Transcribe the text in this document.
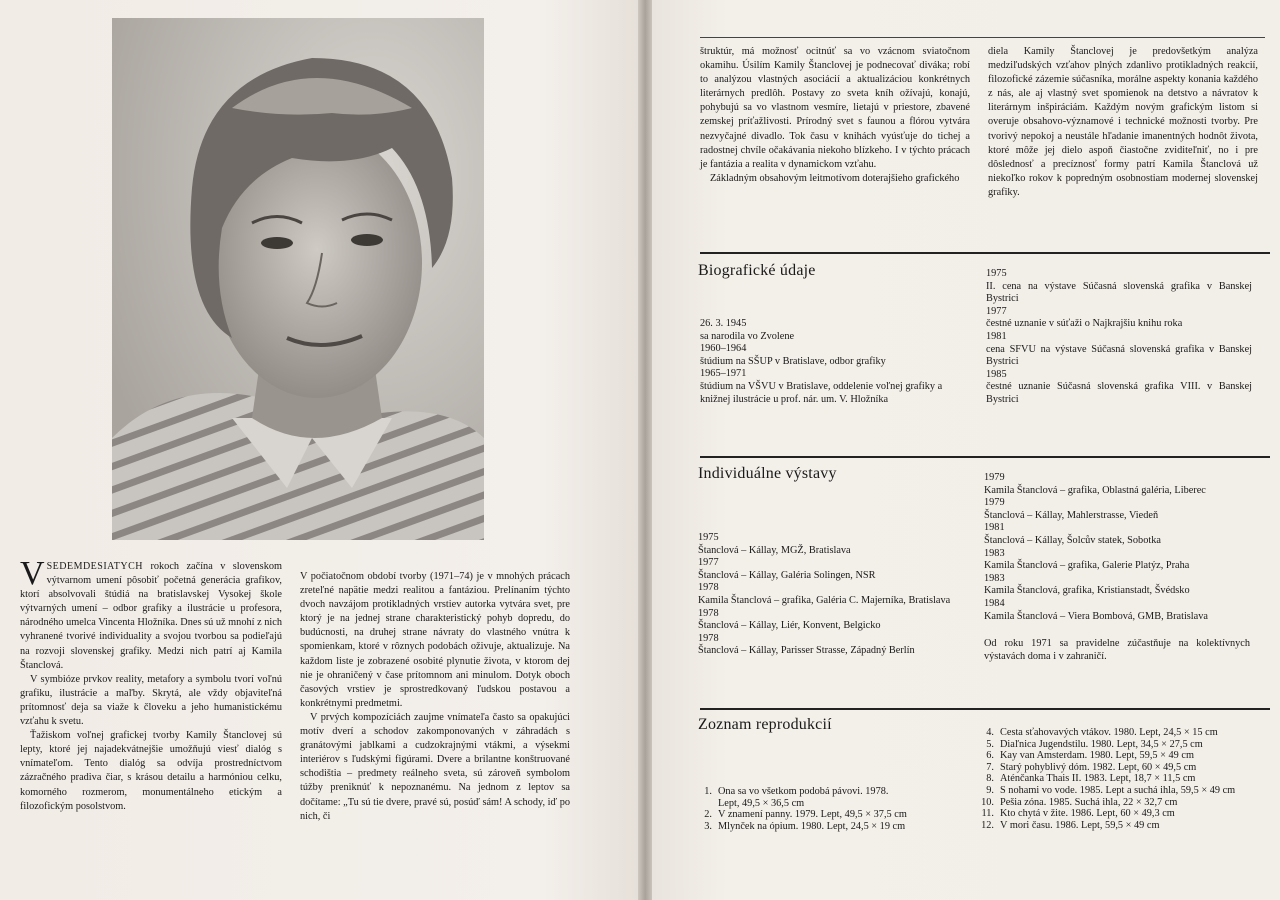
VSEDEMDESIATYCH rokoch začína v slovenskom výtvarnom umení pôsobiť početná generácia grafikov, ktorí absolvovali štúdiá na bratislavskej Vysokej škole výtvarných umení – odbor grafiky a ilustrácie u profesora, národného umelca Vincenta Hložníka. Dnes sú už mnohí z nich vyhranené tvorivé individuality a svojou tvorbou sa podieľajú na rozvoji slovenskej grafiky. Medzi nich patrí aj Kamila Štanclová.

V symbióze prvkov reality, metafory a symbolu tvorí voľnú grafiku, ilustrácie a maľby. Skrytá, ale vždy objaviteľná prítomnosť deja sa viaže k človeku a jeho humanistickému vzťahu k svetu.

Ťažiskom voľnej grafickej tvorby Kamily Štanclovej sú lepty, ktoré jej najadekvátnejšie umožňujú viesť dialóg s vnímateľom. Tento dialóg sa odvíja prostredníctvom zázračného pradiva čiar, s krásou detailu a harmóniou celku, komorného rozmerom, monumentálneho etickým a filozofickým posolstvom.

V počiatočnom období tvorby (1971–74) je v mnohých prácach zreteľné napätie medzi realitou a fantáziou. Prelínaním týchto dvoch navzájom protikladných vrstiev autorka vytvára svet, pre ktorý je na jednej strane charakteristický pohyb dopredu, do budúcnosti, na druhej strane návraty do vlastného vnútra k spomienkam, ktoré v rôznych podobách oživuje, aktualizuje. Na každom liste je zobrazené osobité plynutie života, v ktorom dej nie je ohraničený v čase prítomnom ani minulom. Dotyk oboch časových vrstiev je sprostredkovaný ľudskou postavou a konkrétnymi predmetmi.

V prvých kompozíciách zaujme vnímateľa často sa opakujúci motív dverí a schodov zakomponovaných v záhradách s granátovými jablkami a cudzokrajnými vtákmi, a výsekmi interiérov s ľudskými figúrami. Dvere a brilantne konštruované schodištia – predmety reálneho sveta, sú zároveň symbolom túžby preniknúť k nepoznanému. Na jednom z leptov sa dočítame: „Tu sú tie dvere, pravé sú, posúď sám! A schody, iď po nich, či

štruktúr, má možnosť ocitnúť sa vo vzácnom sviatočnom okamihu. Úsilím Kamily Štanclovej je podnecovať diváka; robí to analýzou vlastných asociácií a aktualizáciou konkrétnych literárnych predlôh. Postavy zo sveta kníh ožívajú, konajú, pohybujú sa vo vlastnom vesmíre, lietajú v priestore, zbavené zemskej príťažlivosti. Prírodný svet s faunou a flórou vytvára nezvyčajné divadlo. Tok času v knihách vyúsťuje do tichej a radostnej chvíle očakávania niekoho blízkeho. I v týchto prácach je fantázia a realita v dynamickom vzťahu.

Základným obsahovým leitmotívom doterajšieho grafického

diela Kamily Štanclovej je predovšetkým analýza medziľudských vzťahov plných zdanlivo protikladných reakcií, filozofické zázemie súčasníka, morálne aspekty konania každého z nás, ale aj vlastný svet spomienok na detstvo a návratov k literárnym inšpiráciám. Každým novým grafickým listom si overuje obsahovo-významové i technické možnosti tvorby. Pre tvorivý nepokoj a neustále hľadanie imanentných hodnôt života, ktoré môže jej dielo aspoň čiastočne zviditeľniť, no i pre dôslednosť a precíznosť formy patrí Kamila Štanclová už niekoľko rokov k popredným osobnostiam modernej slovenskej grafiky.

Biografické údaje
26. 3. 1945
sa narodila vo Zvolene
1960–1964
štúdium na SŠUP v Bratislave, odbor grafiky
1965–1971
štúdium na VŠVU v Bratislave, oddelenie voľnej grafiky a knižnej ilustrácie u prof. nár. um. V. Hložníka
1975
II. cena na výstave Súčasná slovenská grafika v Banskej Bystrici
1977
čestné uznanie v súťaži o Najkrajšiu knihu roka
1981
cena SFVU na výstave Súčasná slovenská grafika v Banskej Bystrici
1985
čestné uznanie Súčasná slovenská grafika VIII. v Banskej Bystrici
Individuálne výstavy
1975
Štanclová – Kállay, MGŽ, Bratislava
1977
Štanclová – Kállay, Galéria Solingen, NSR
1978
Kamila Štanclová – grafika, Galéria C. Majerníka, Bratislava
1978
Štanclová – Kállay, Liér, Konvent, Belgicko
1978
Štanclová – Kállay, Parisser Strasse, Západný Berlín
1979
Kamila Štanclová – grafika, Oblastná galéria, Liberec
1979
Štanclová – Kállay, Mahlerstrasse, Viedeň
1981
Štanclová – Kállay, Šolcův statek, Sobotka
1983
Kamila Štanclová – grafika, Galerie Platýz, Praha
1983
Kamila Štanclová, grafika, Kristianstadt, Švédsko
1984
Kamila Štanclová – Viera Bombová, GMB, Bratislava

Od roku 1971 sa pravidelne zúčastňuje na kolektívnych výstavách doma i v zahraničí.

Zoznam reprodukcií
1. Ona sa vo všetkom podobá pávovi. 1978.
Lept, 49,5 × 36,5 cm
2. V znamení panny. 1979. Lept, 49,5 × 37,5 cm
3. Mlynček na ópium. 1980. Lept, 24,5 × 19 cm
4. Cesta sťahovavých vtákov. 1980. Lept, 24,5 × 15 cm
5. Diaľnica Jugendstilu. 1980. Lept, 34,5 × 27,5 cm
6. Kay van Amsterdam. 1980. Lept, 59,5 × 49 cm
7. Starý pohyblivý dóm. 1982. Lept, 60 × 49,5 cm
8. Aténčanka Thais II. 1983. Lept, 18,7 × 11,5 cm
9. S nohami vo vode. 1985. Lept a suchá ihla, 59,5 × 49 cm
10. Pešia zóna. 1985. Suchá ihla, 22 × 32,7 cm
11. Kto chytá v žite. 1986. Lept, 60 × 49,3 cm
12. V mori času. 1986. Lept, 59,5 × 49 cm
